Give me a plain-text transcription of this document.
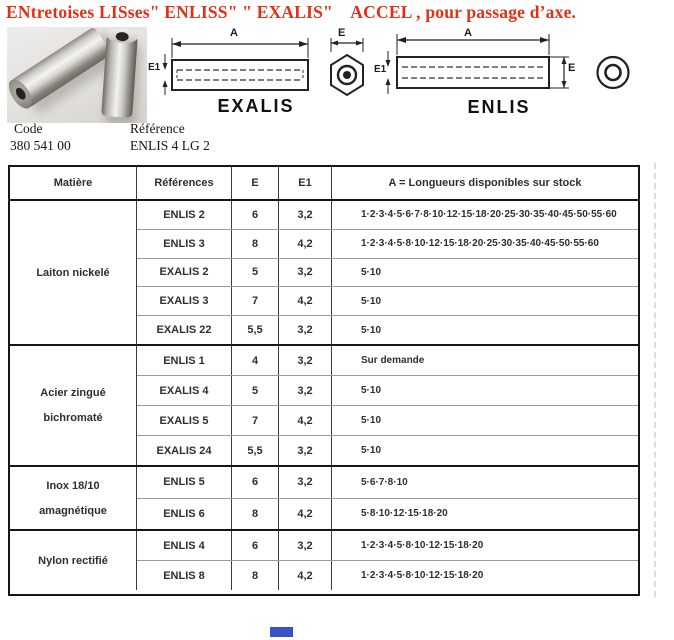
ENtretoises LISses" ENLISS" " EXALIS"    ACCEL , pour passage d’axe.
A
E1
EXALIS
E	A
E1	E
ENLIS
Code
380 541 00
Référence
ENLIS 4 LG 2
Matière	Références	E	E1	A = Longueurs disponibles sur stock
Laiton nickelé
ENLIS 2	6	3,2	1·2·3·4·5·6·7·8·10·12·15·18·20·25·30·35·40·45·50·55·60
ENLIS 3	8	4,2	1·2·3·4·5·8·10·12·15·18·20·25·30·35·40·45·50·55·60
EXALIS 2	5	3,2	5·10
EXALIS 3	7	4,2	5·10
EXALIS 22	5,5	3,2	5·10
Acier zingué
bichromaté
ENLIS 1	4	3,2	Sur demande
EXALIS 4	5	3,2	5·10
EXALIS 5	7	4,2	5·10
EXALIS 24	5,5	3,2	5·10
Inox 18/10
amagnétique
ENLIS 5	6	3,2	5·6·7·8·10
ENLIS 6	8	4,2	5·8·10·12·15·18·20
Nylon rectifié
ENLIS 4	6	3,2	1·2·3·4·5·8·10·12·15·18·20
ENLIS 8	8	4,2	1·2·3·4·5·8·10·12·15·18·20
